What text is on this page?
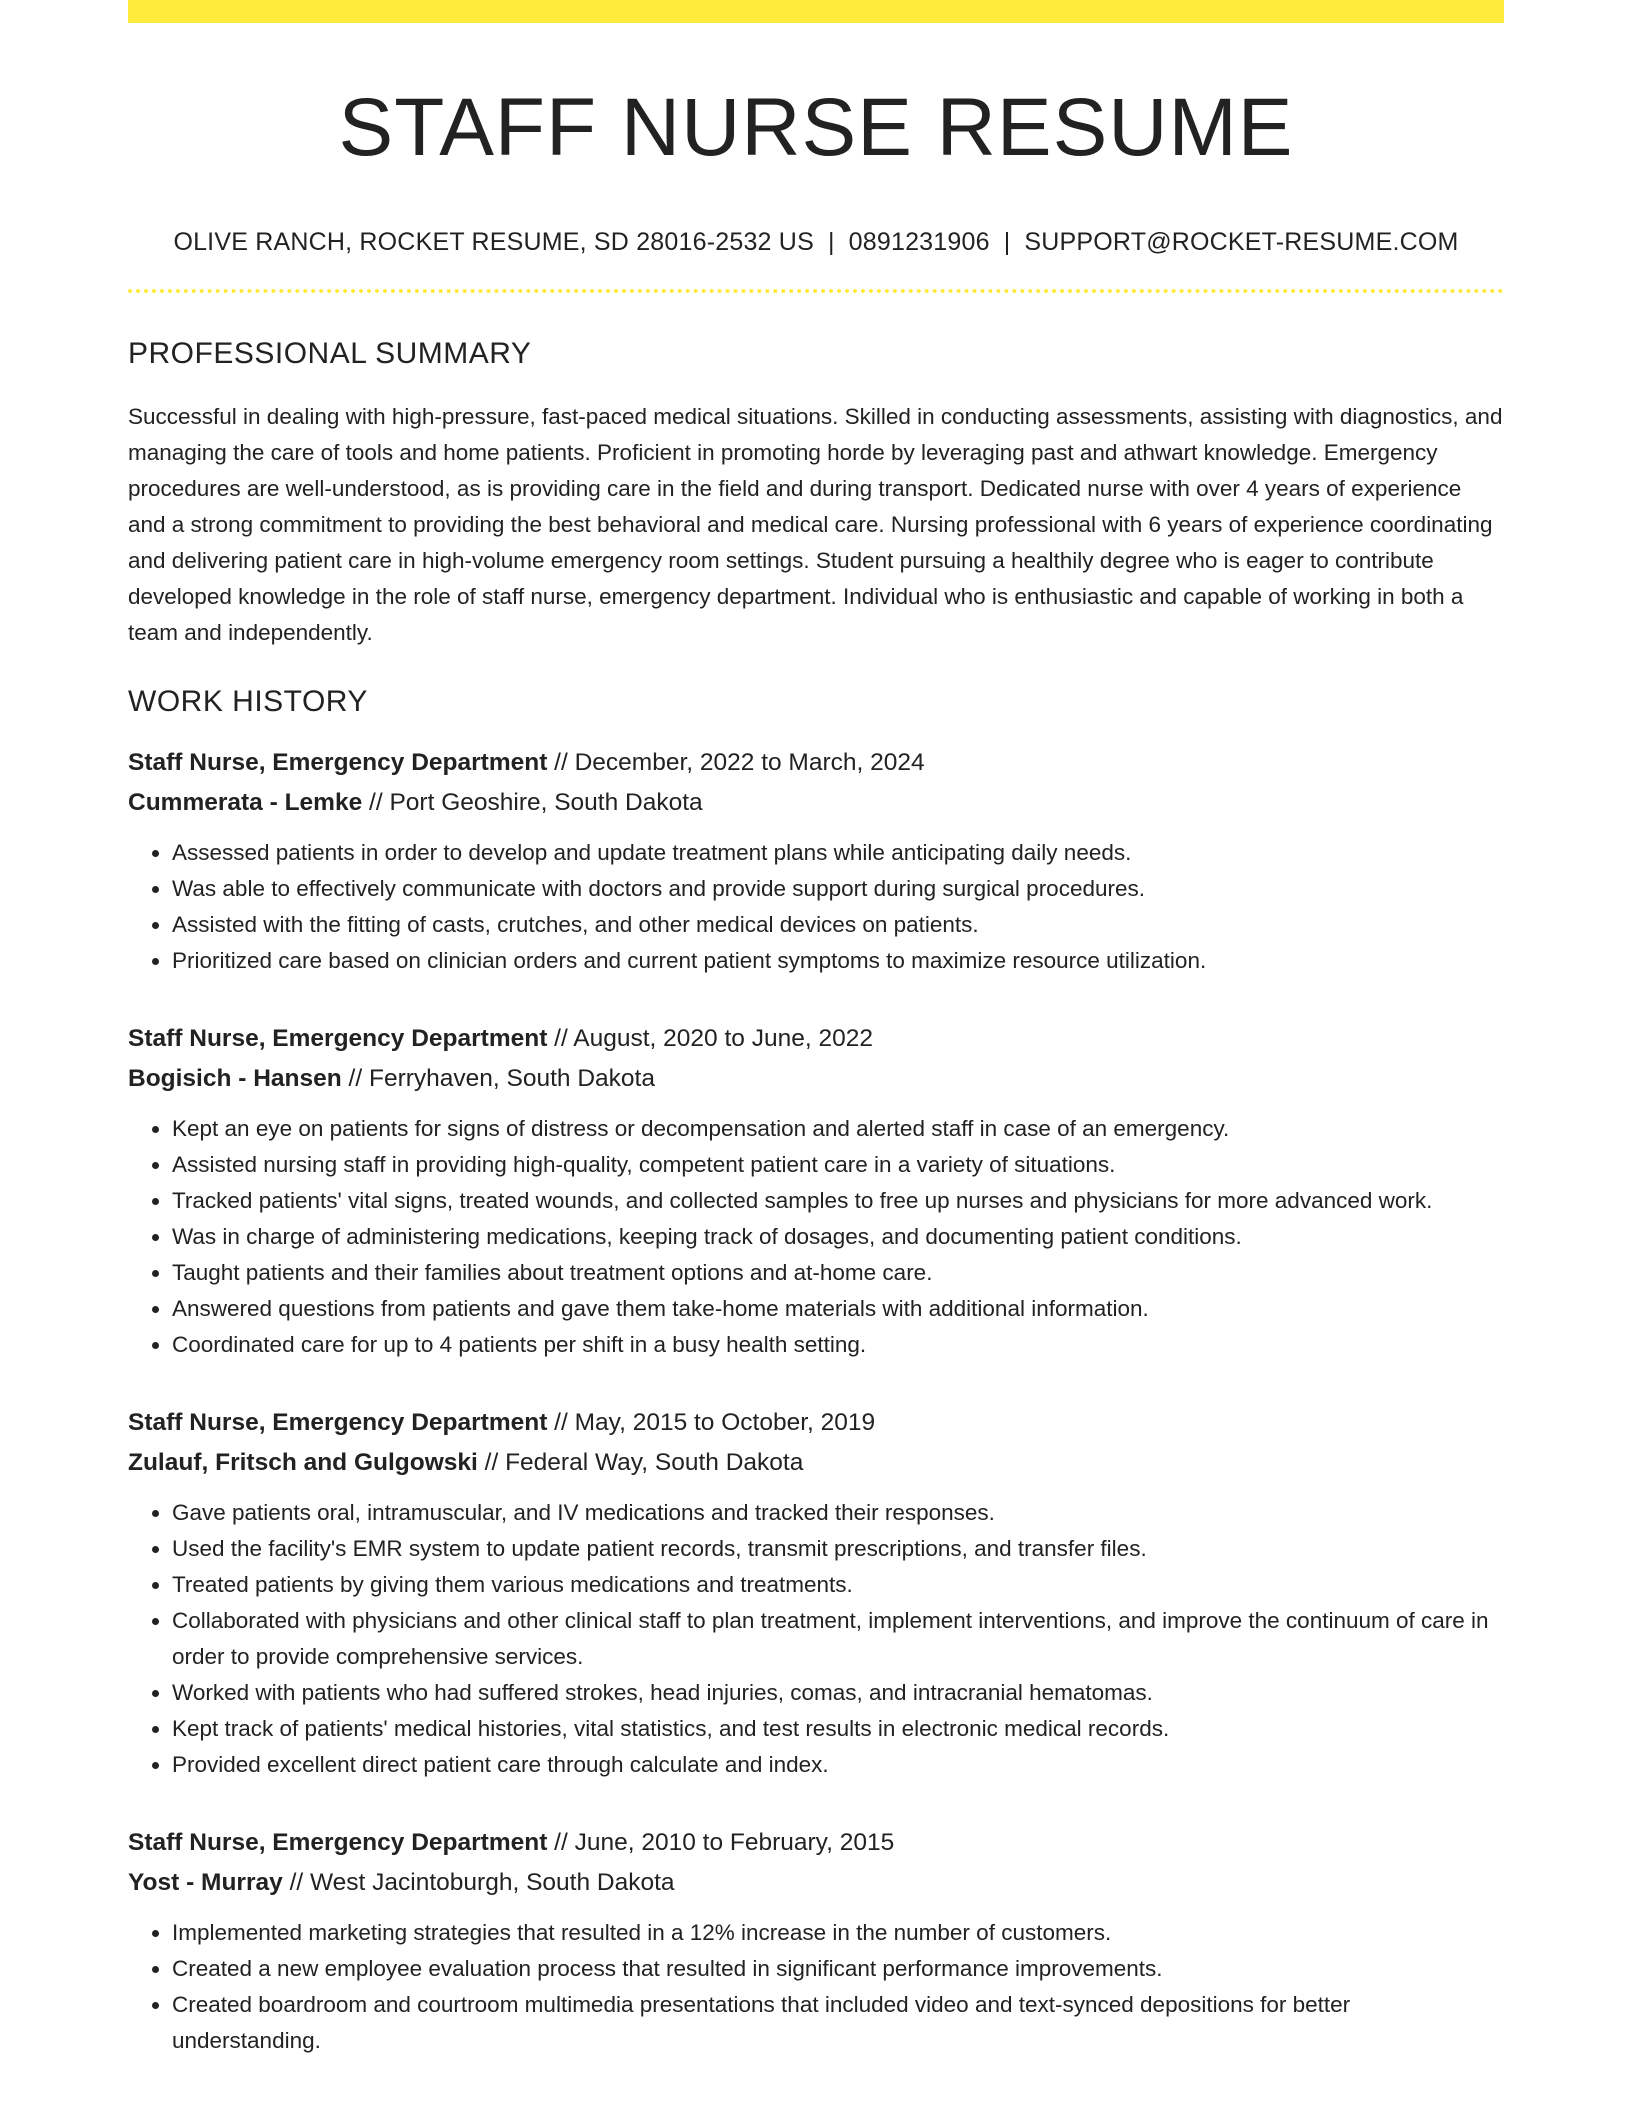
STAFF NURSE RESUME
OLIVE RANCH, ROCKET RESUME, SD 28016-2532 US | 0891231906 | SUPPORT@ROCKET-RESUME.COM
PROFESSIONAL SUMMARY
Successful in dealing with high-pressure, fast-paced medical situations. Skilled in conducting assessments, assisting with diagnostics, and managing the care of tools and home patients. Proficient in promoting horde by leveraging past and athwart knowledge. Emergency procedures are well-understood, as is providing care in the field and during transport. Dedicated nurse with over 4 years of experience and a strong commitment to providing the best behavioral and medical care. Nursing professional with 6 years of experience coordinating and delivering patient care in high-volume emergency room settings. Student pursuing a healthily degree who is eager to contribute developed knowledge in the role of staff nurse, emergency department. Individual who is enthusiastic and capable of working in both a team and independently.
WORK HISTORY
Staff Nurse, Emergency Department // December, 2022 to March, 2024
Cummerata - Lemke // Port Geoshire, South Dakota
• Assessed patients in order to develop and update treatment plans while anticipating daily needs.
• Was able to effectively communicate with doctors and provide support during surgical procedures.
• Assisted with the fitting of casts, crutches, and other medical devices on patients.
• Prioritized care based on clinician orders and current patient symptoms to maximize resource utilization.
Staff Nurse, Emergency Department // August, 2020 to June, 2022
Bogisich - Hansen // Ferryhaven, South Dakota
• Kept an eye on patients for signs of distress or decompensation and alerted staff in case of an emergency.
• Assisted nursing staff in providing high-quality, competent patient care in a variety of situations.
• Tracked patients' vital signs, treated wounds, and collected samples to free up nurses and physicians for more advanced work.
• Was in charge of administering medications, keeping track of dosages, and documenting patient conditions.
• Taught patients and their families about treatment options and at-home care.
• Answered questions from patients and gave them take-home materials with additional information.
• Coordinated care for up to 4 patients per shift in a busy health setting.
Staff Nurse, Emergency Department // May, 2015 to October, 2019
Zulauf, Fritsch and Gulgowski // Federal Way, South Dakota
• Gave patients oral, intramuscular, and IV medications and tracked their responses.
• Used the facility's EMR system to update patient records, transmit prescriptions, and transfer files.
• Treated patients by giving them various medications and treatments.
• Collaborated with physicians and other clinical staff to plan treatment, implement interventions, and improve the continuum of care in order to provide comprehensive services.
• Worked with patients who had suffered strokes, head injuries, comas, and intracranial hematomas.
• Kept track of patients' medical histories, vital statistics, and test results in electronic medical records.
• Provided excellent direct patient care through calculate and index.
Staff Nurse, Emergency Department // June, 2010 to February, 2015
Yost - Murray // West Jacintoburgh, South Dakota
• Implemented marketing strategies that resulted in a 12% increase in the number of customers.
• Created a new employee evaluation process that resulted in significant performance improvements.
• Created boardroom and courtroom multimedia presentations that included video and text-synced depositions for better understanding.
